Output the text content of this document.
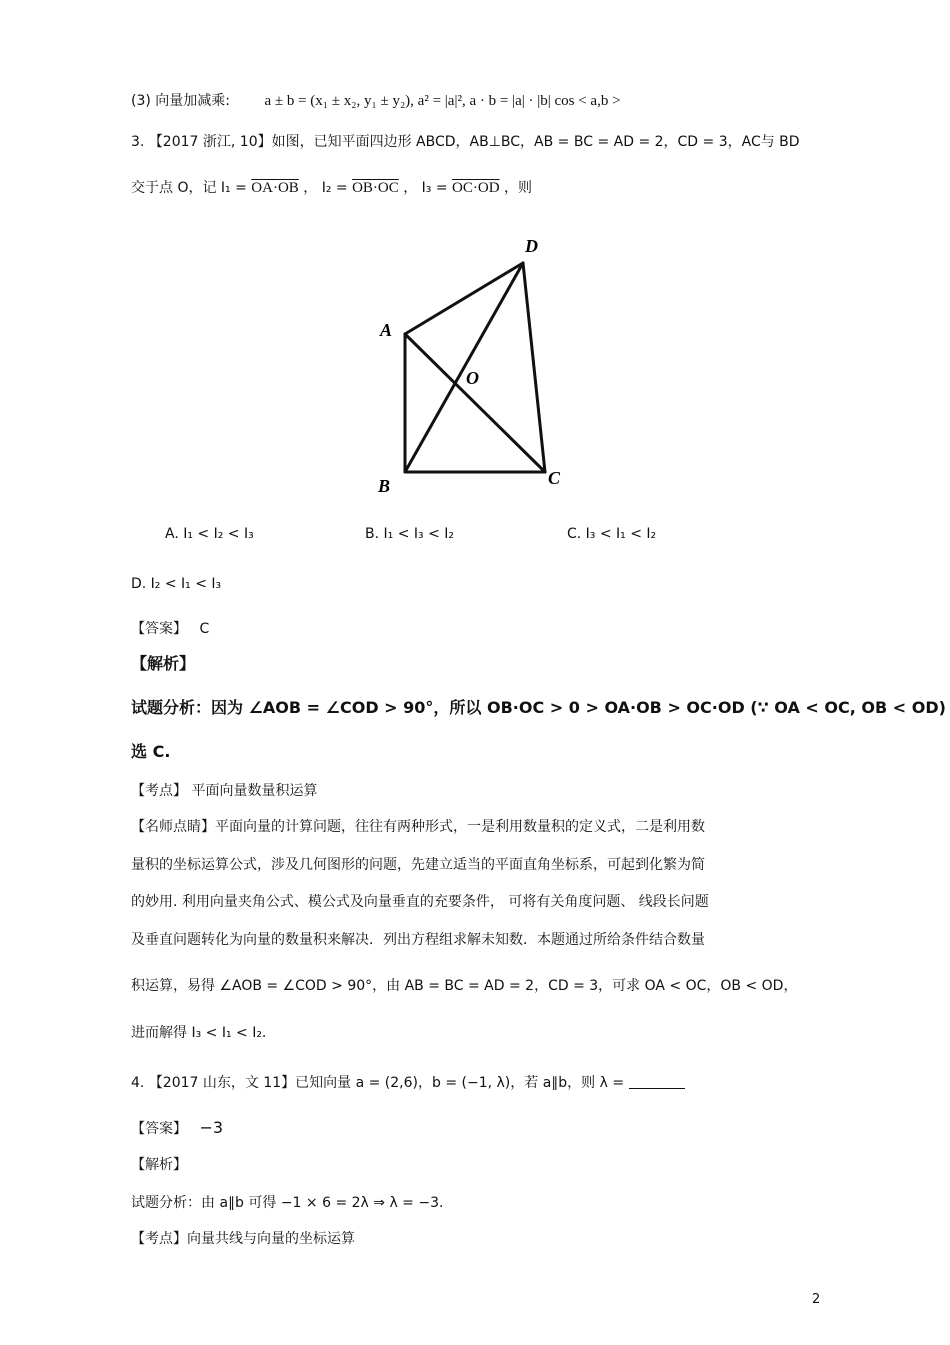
(3) 向量加减乘: a ± b = (x₁ ± x₂, y₁ ± y₂), a² = |a|², a · b = |a| · |b| cos < a,b >
3. 【2017 浙江, 10】如图，已知平面四边形 ABCD，AB⊥BC，AB = BC = AD = 2，CD = 3，AC与 BD
交于点 O，记 I₁ = OA·OB ， I₂ = OB·OC ， I₃ = OC·OD ，则
A
B	C
D
O
A. I₁ < I₂ < I₃	B. I₁ < I₃ < I₂	C. I₃ < I₁ < I₂
D. I₂ < I₁ < I₃
【答案】 C
【解析】
试题分析：因为 ∠AOB = ∠COD > 90°，所以 OB·OC > 0 > OA·OB > OC·OD (∵ OA < OC, OB < OD)
选 C.
【考点】 平面向量数量积运算
【名师点睛】平面向量的计算问题，往往有两种形式，一是利用数量积的定义式，二是利用数
量积的坐标运算公式，涉及几何图形的问题，先建立适当的平面直角坐标系，可起到化繁为简
的妙用. 利用向量夹角公式、模公式及向量垂直的充要条件， 可将有关角度问题、 线段长问题
及垂直问题转化为向量的数量积来解决．列出方程组求解未知数．本题通过所给条件结合数量
积运算，易得 ∠AOB = ∠COD > 90°，由 AB = BC = AD = 2，CD = 3，可求 OA < OC，OB < OD，
进而解得 I₃ < I₁ < I₂.
4. 【2017 山东，文 11】已知向量 a = (2,6)，b = (−1, λ)，若 a∥b，则 λ =
【答案】 −3
【解析】
试题分析：由 a∥b 可得 −1 × 6 = 2λ ⇒ λ = −3.
【考点】向量共线与向量的坐标运算
2
